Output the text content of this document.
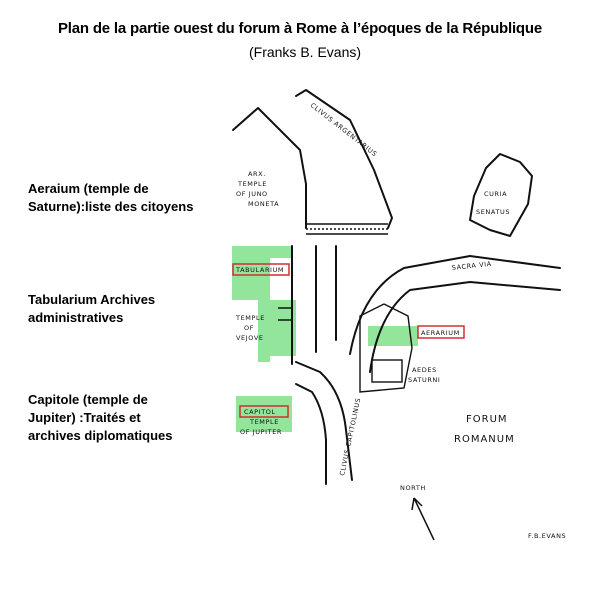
Plan de la partie ouest du forum à Rome à l’époques de la République
(Franks B. Evans)
Aeraium (temple de
Saturne):liste des citoyens
Tabularium Archives
administratives
Capitole (temple de
Jupiter) :Traités et
archives diplomatiques
CLIVUS ARGENTARIUS
ARX.
TEMPLE
OF JUNO
MONETA
CURIA
SENATUS
TABULARIUM	SACRA VIA
TEMPLE
OF
VEJOVE
AERARIUM
AEDES
SATURNI
CAPITOL
TEMPLE
OF JUPITER	CLIVUS CAPITOLINUS	FORUM
ROMANUM
NORTH
F.B.EVANS
